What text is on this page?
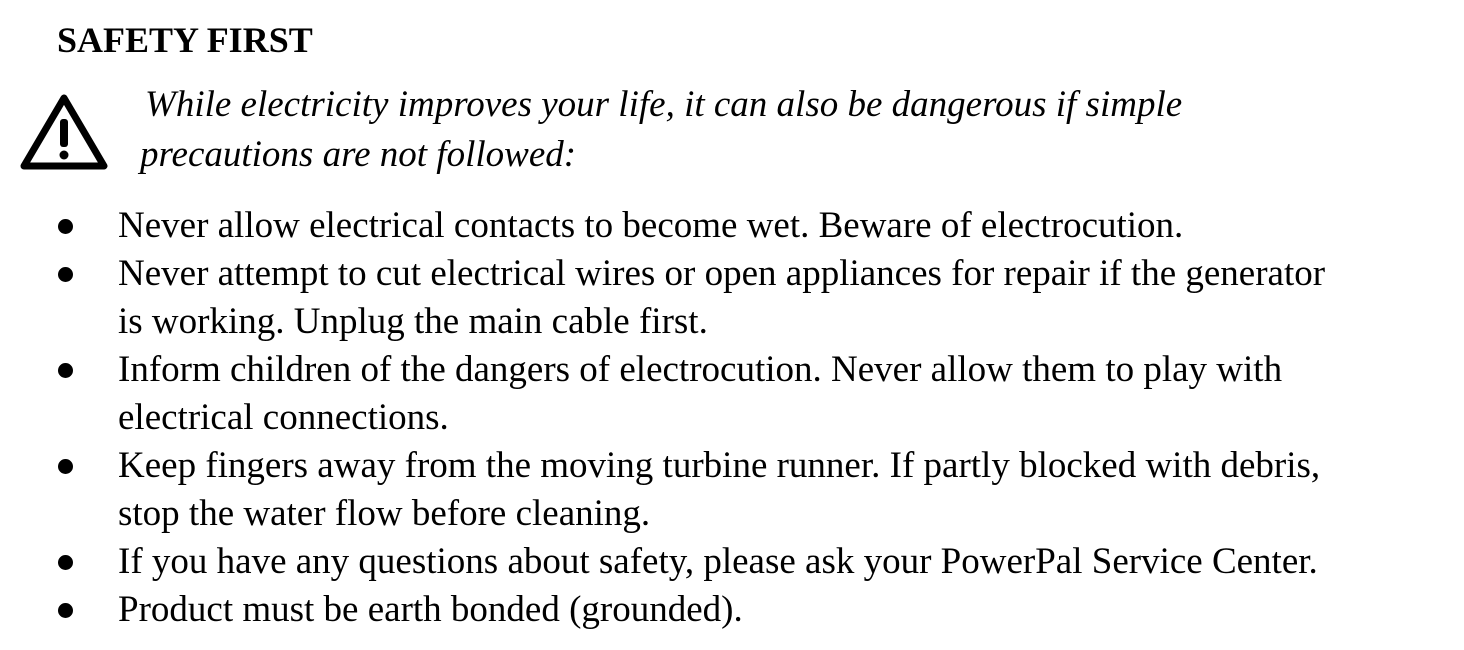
SAFETY FIRST

While electricity improves your life, it can also be dangerous if simple

precautions are not followed:

Never allow electrical contacts to become wet. Beware of electrocution.
Never attempt to cut electrical wires or open appliances for repair if the generator
is working. Unplug the main cable first.
Inform children of the dangers of electrocution. Never allow them to play with
electrical connections.
Keep fingers away from the moving turbine runner. If partly blocked with debris,
stop the water flow before cleaning.
If you have any questions about safety, please ask your PowerPal Service Center.
Product must be earth bonded (grounded).
